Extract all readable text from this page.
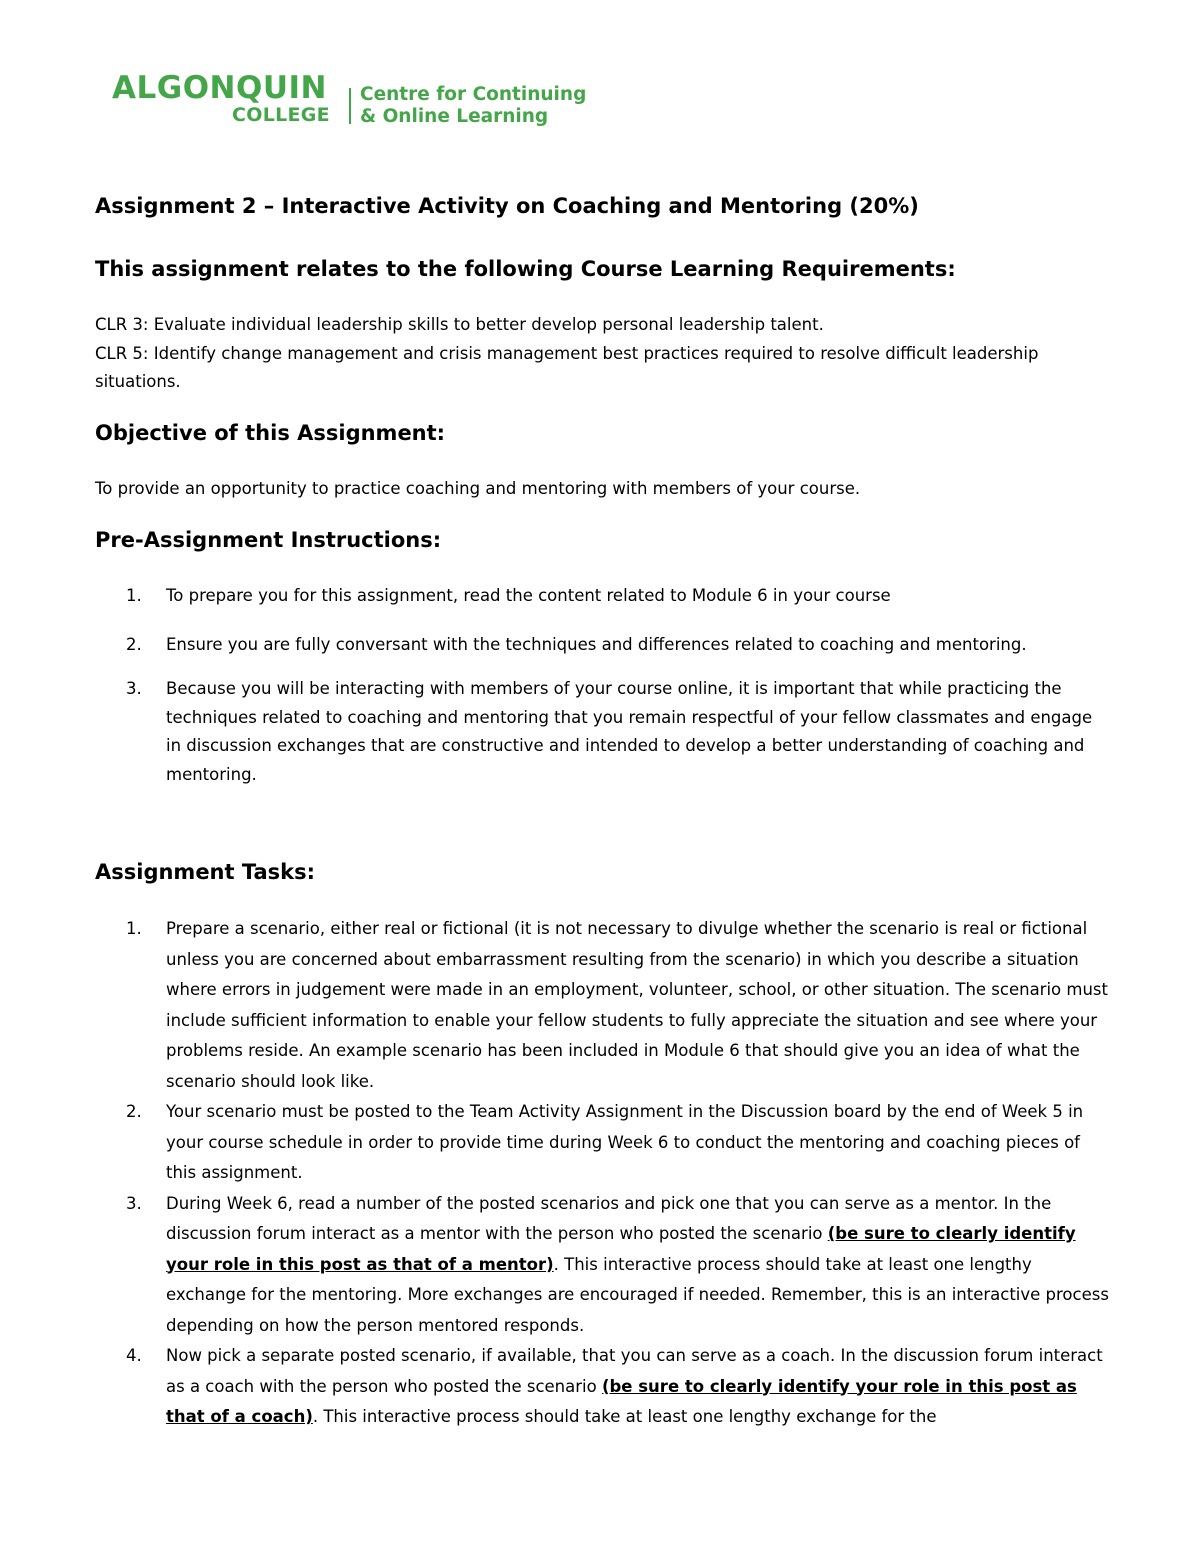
ALGONQUIN
COLLEGE
Centre for Continuing
& Online Learning
Assignment 2 – Interactive Activity on Coaching and Mentoring (20%)
This assignment relates to the following Course Learning Requirements:
CLR 3: Evaluate individual leadership skills to better develop personal leadership talent.
CLR 5: Identify change management and crisis management best practices required to resolve difficult leadership situations.
Objective of this Assignment:
To provide an opportunity to practice coaching and mentoring with members of your course.
Pre-Assignment Instructions:
1. To prepare you for this assignment, read the content related to Module 6 in your course
2. Ensure you are fully conversant with the techniques and differences related to coaching and mentoring.
3. Because you will be interacting with members of your course online, it is important that while practicing the techniques related to coaching and mentoring that you remain respectful of your fellow classmates and engage in discussion exchanges that are constructive and intended to develop a better understanding of coaching and mentoring.
Assignment Tasks:
1. Prepare a scenario, either real or fictional (it is not necessary to divulge whether the scenario is real or fictional unless you are concerned about embarrassment resulting from the scenario) in which you describe a situation where errors in judgement were made in an employment, volunteer, school, or other situation. The scenario must include sufficient information to enable your fellow students to fully appreciate the situation and see where your problems reside. An example scenario has been included in Module 6 that should give you an idea of what the scenario should look like.
2. Your scenario must be posted to the Team Activity Assignment in the Discussion board by the end of Week 5 in your course schedule in order to provide time during Week 6 to conduct the mentoring and coaching pieces of this assignment.
3. During Week 6, read a number of the posted scenarios and pick one that you can serve as a mentor. In the discussion forum interact as a mentor with the person who posted the scenario (be sure to clearly identify your role in this post as that of a mentor). This interactive process should take at least one lengthy exchange for the mentoring. More exchanges are encouraged if needed. Remember, this is an interactive process depending on how the person mentored responds.
4. Now pick a separate posted scenario, if available, that you can serve as a coach. In the discussion forum interact as a coach with the person who posted the scenario (be sure to clearly identify your role in this post as that of a coach). This interactive process should take at least one lengthy exchange for the
